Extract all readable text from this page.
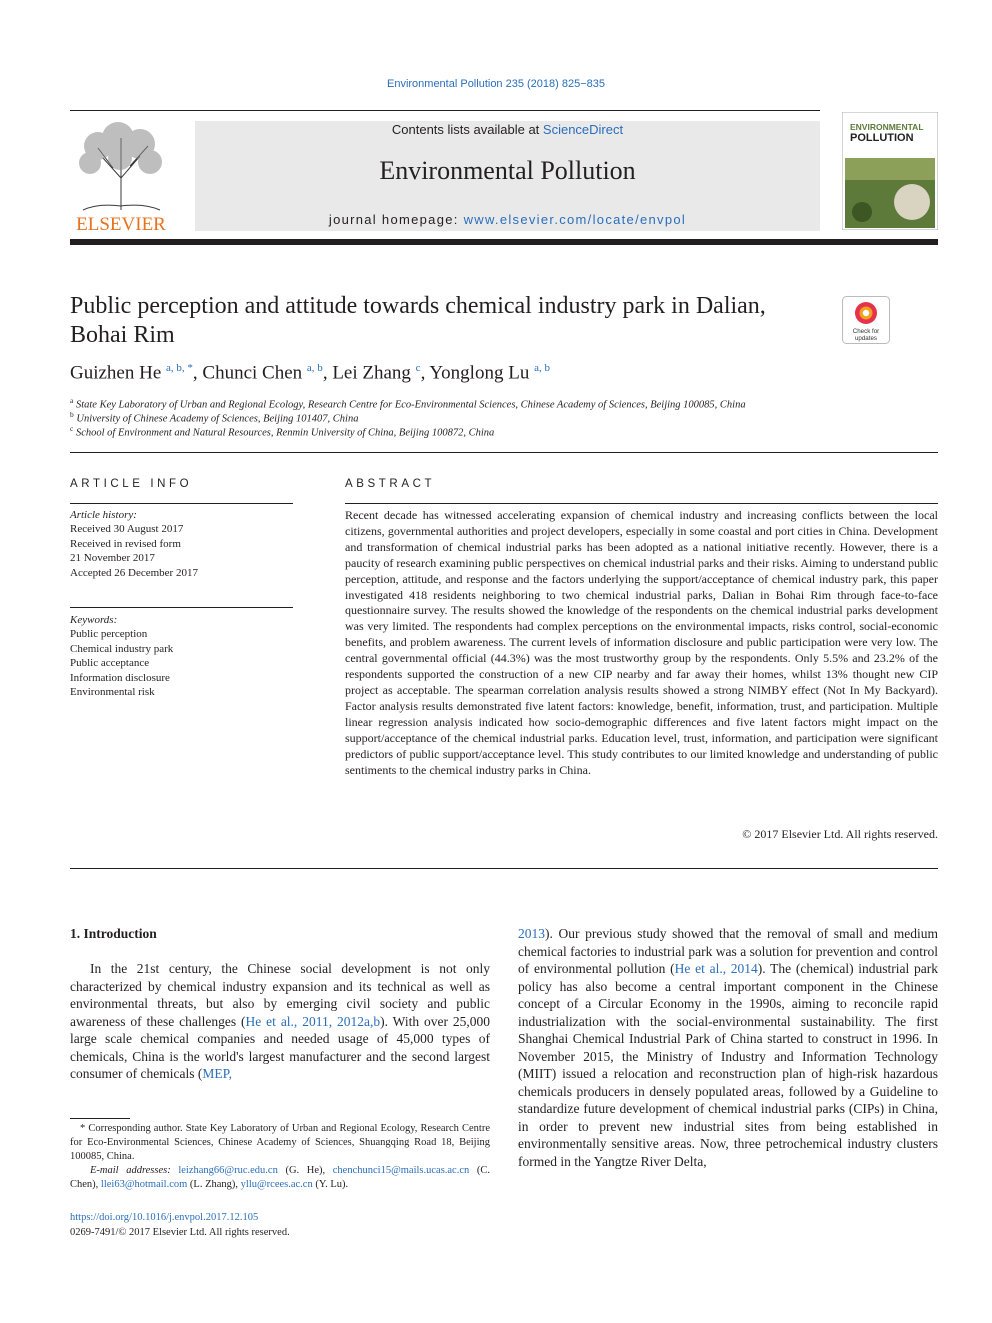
Environmental Pollution 235 (2018) 825−835
ELSEVIER
Contents lists available at ScienceDirect
Environmental Pollution
journal homepage: www.elsevier.com/locate/envpol
ENVIRONMENTAL
POLLUTION
Public perception and attitude towards chemical industry park in Dalian, Bohai Rim	Check for
updates
Guizhen He $^{a, b, *}$, Chunci Chen $^{a, b}$, Lei Zhang $^c$, Yonglong Lu $^{a, b}$
$^a$ State Key Laboratory of Urban and Regional Ecology, Research Centre for Eco-Environmental Sciences, Chinese Academy of Sciences, Beijing 100085, China
$^b$ University of Chinese Academy of Sciences, Beijing 101407, China
$^c$ School of Environment and Natural Resources, Renmin University of China, Beijing 100872, China
ARTICLE INFO
Article history:
Received 30 August 2017
Received in revised form
21 November 2017
Accepted 26 December 2017
Keywords:
Public perception
Chemical industry park
Public acceptance
Information disclosure
Environmental risk
ABSTRACT
Recent decade has witnessed accelerating expansion of chemical industry and increasing conflicts between the local citizens, governmental authorities and project developers, especially in some coastal and port cities in China. Development and transformation of chemical industrial parks has been adopted as a national initiative recently. However, there is a paucity of research examining public perspectives on chemical industrial parks and their risks. Aiming to understand public perception, attitude, and response and the factors underlying the support/acceptance of chemical industry park, this paper investigated 418 residents neighboring to two chemical industrial parks, Dalian in Bohai Rim through face-to-face questionnaire survey. The results showed the knowledge of the respondents on the chemical industrial parks development was very limited. The respondents had complex perceptions on the environmental impacts, risks control, social-economic benefits, and problem awareness. The current levels of information disclosure and public participation were very low. The central governmental official (44.3%) was the most trustworthy group by the respondents. Only 5.5% and 23.2% of the respondents supported the construction of a new CIP nearby and far away their homes, whilst 13% thought new CIP project as acceptable. The spearman correlation analysis results showed a strong NIMBY effect (Not In My Backyard). Factor analysis results demonstrated five latent factors: knowledge, benefit, information, trust, and participation. Multiple linear regression analysis indicated how socio-demographic differences and five latent factors might impact on the support/acceptance of the chemical industrial parks. Education level, trust, information, and participation were significant predictors of public support/acceptance level. This study contributes to our limited knowledge and understanding of public sentiments to the chemical industry parks in China.
© 2017 Elsevier Ltd. All rights reserved.
1. Introduction
In the 21st century, the Chinese social development is not only characterized by chemical industry expansion and its technical as well as environmental threats, but also by emerging civil society and public awareness of these challenges (He et al., 2011, 2012a,b). With over 25,000 large scale chemical companies and needed usage of 45,000 types of chemicals, China is the world's largest manufacturer and the second largest consumer of chemicals (MEP,
2013). Our previous study showed that the removal of small and medium chemical factories to industrial park was a solution for prevention and control of environmental pollution (He et al., 2014). The (chemical) industrial park policy has also become a central important component in the Chinese concept of a Circular Economy in the 1990s, aiming to reconcile rapid industrialization with the social-environmental sustainability. The first Shanghai Chemical Industrial Park of China started to construct in 1996. In November 2015, the Ministry of Industry and Information Technology (MIIT) issued a relocation and reconstruction plan of high-risk hazardous chemicals producers in densely populated areas, followed by a Guideline to standardize future development of chemical industrial parks (CIPs) in China, in order to prevent new industrial sites from being established in environmentally sensitive areas. Now, three petrochemical industry clusters formed in the Yangtze River Delta,
* Corresponding author. State Key Laboratory of Urban and Regional Ecology, Research Centre for Eco-Environmental Sciences, Chinese Academy of Sciences, Shuangqing Road 18, Beijing 100085, China.
E-mail addresses: leizhang66@ruc.edu.cn (G. He), chenchunci15@mails.ucas.ac.cn (C. Chen), llei63@hotmail.com (L. Zhang), yllu@rcees.ac.cn (Y. Lu).
https://doi.org/10.1016/j.envpol.2017.12.105
0269-7491/© 2017 Elsevier Ltd. All rights reserved.
